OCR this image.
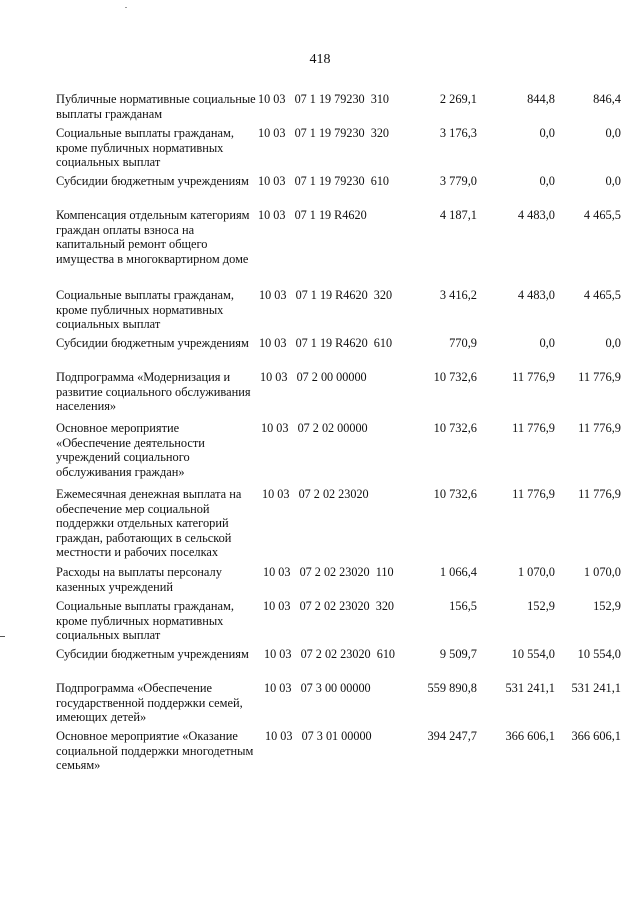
418
Публичные нормативные социальные выплаты гражданам
10 03   07 1 19 79230  310	2 269,1	844,8	846,4
Социальные выплаты гражданам, кроме публичных нормативных социальных выплат
10 03   07 1 19 79230  320	3 176,3	0,0	0,0
Субсидии бюджетным учреждениям 10 03   07 1 19 79230  610	3 779,0	0,0	0,0
Компенсация отдельным категориям граждан оплаты взноса на капитальный ремонт общего имущества в многоквартирном доме
10 03   07 1 19 R4620	4 187,1	4 483,0	4 465,5
Социальные выплаты гражданам, кроме публичных нормативных социальных выплат
10 03   07 1 19 R4620  320	3 416,2	4 483,0	4 465,5
Субсидии бюджетным учреждениям 10 03   07 1 19 R4620  610	770,9	0,0	0,0
Подпрограмма «Модернизация и развитие социального обслуживания населения»
10 03   07 2 00 00000	10 732,6	11 776,9	11 776,9
Основное мероприятие «Обеспечение деятельности учреждений социального обслуживания граждан»
10 03   07 2 02 00000	10 732,6	11 776,9	11 776,9
Ежемесячная денежная выплата на обеспечение мер социальной поддержки отдельных категорий граждан, работающих в сельской местности и рабочих поселках
10 03   07 2 02 23020	10 732,6	11 776,9	11 776,9
Расходы на выплаты персоналу казенных учреждений
10 03   07 2 02 23020  110	1 066,4	1 070,0	1 070,0
Социальные выплаты гражданам, кроме публичных нормативных социальных выплат
10 03   07 2 02 23020  320	156,5	152,9	152,9
Субсидии бюджетным учреждениям	10 03   07 2 02 23020  610	9 509,7	10 554,0	10 554,0
Подпрограмма «Обеспечение государственной поддержки семей, имеющих детей»
10 03   07 3 00 00000	559 890,8	531 241,1	531 241,1
Основное мероприятие «Оказание социальной поддержки многодетным семьям»
10 03   07 3 01 00000	394 247,7	366 606,1	366 606,1
